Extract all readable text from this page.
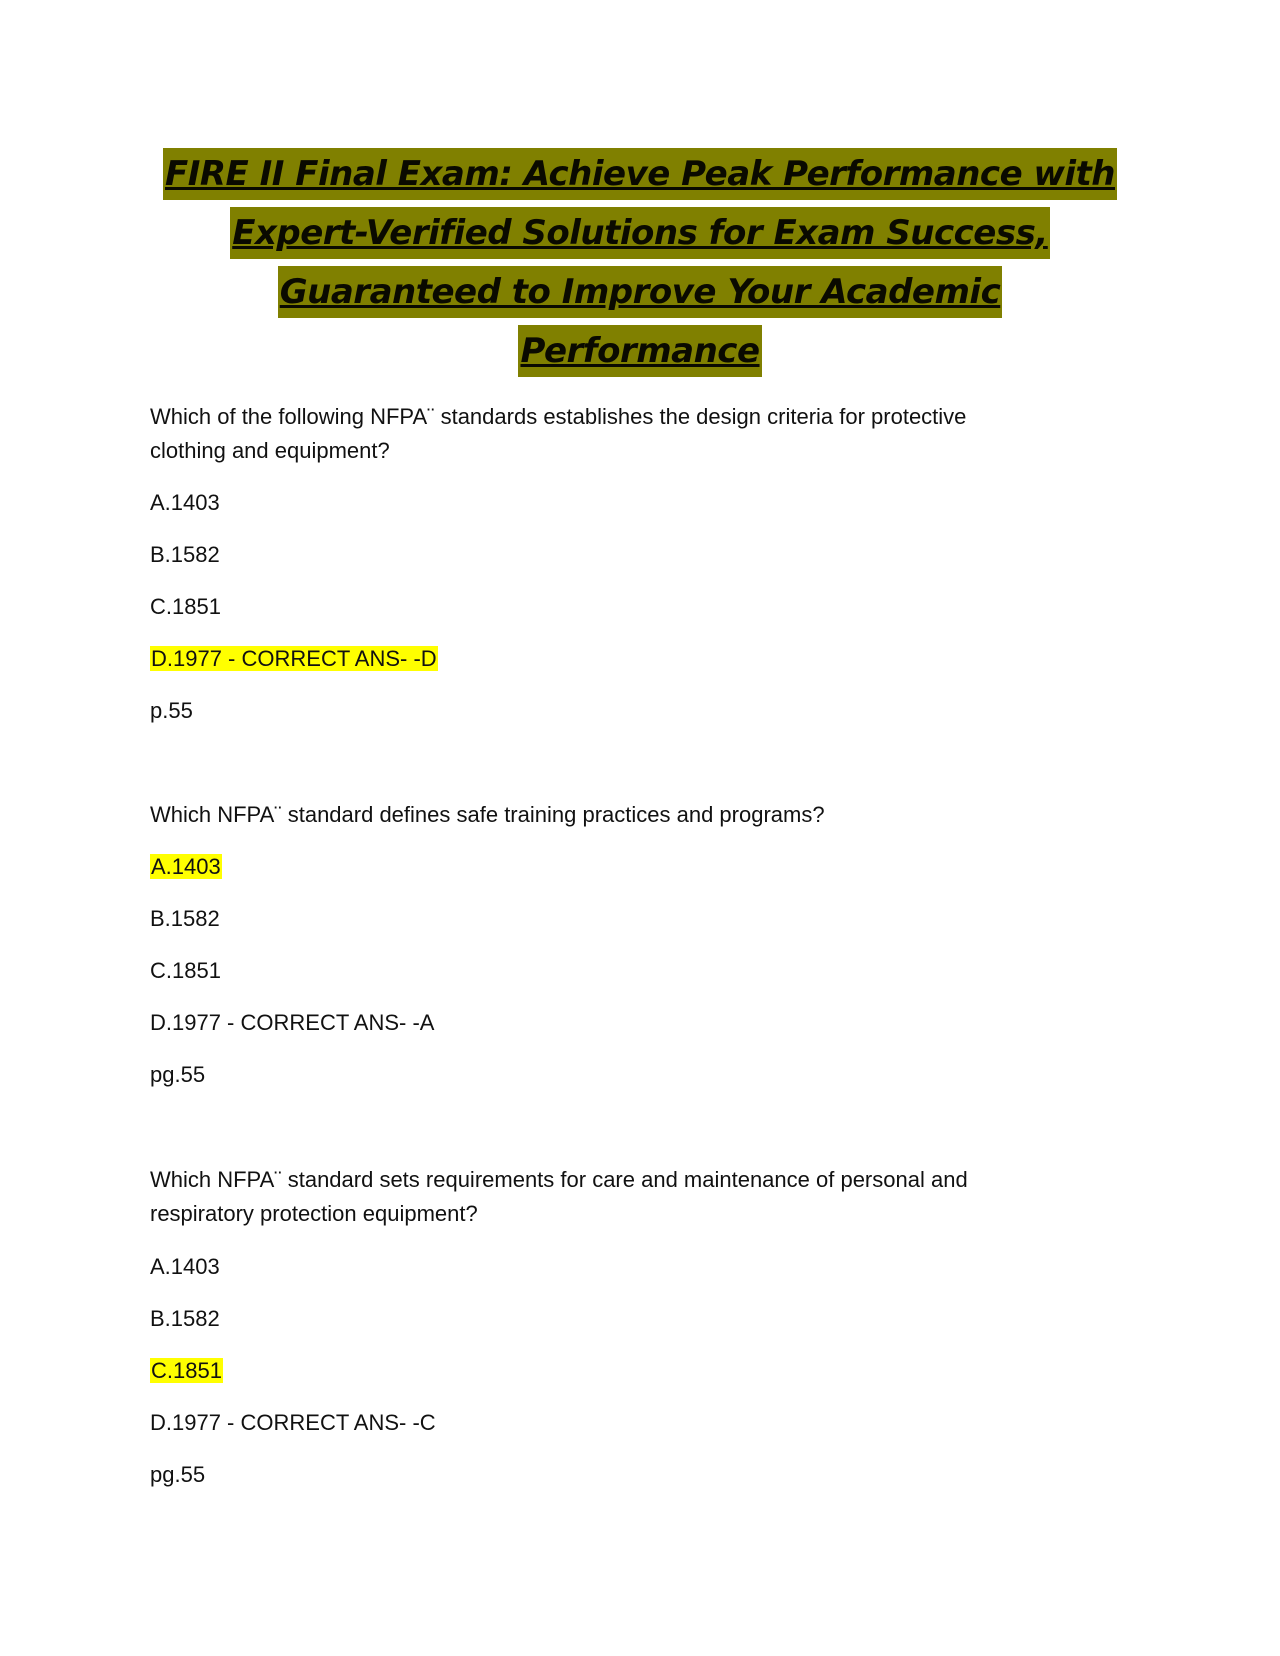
FIRE II Final Exam: Achieve Peak Performance with
Expert-Verified Solutions for Exam Success,
Guaranteed to Improve Your Academic
Performance

Which of the following NFPA¨ standards establishes the design criteria for protective
clothing and equipment?

A.1403

B.1582

C.1851

D.1977 - CORRECT ANS- -D

p.55

Which NFPA¨ standard defines safe training practices and programs?

A.1403

B.1582

C.1851

D.1977 - CORRECT ANS- -A

pg.55

Which NFPA¨ standard sets requirements for care and maintenance of personal and
respiratory protection equipment?

A.1403

B.1582

C.1851

D.1977 - CORRECT ANS- -C

pg.55
